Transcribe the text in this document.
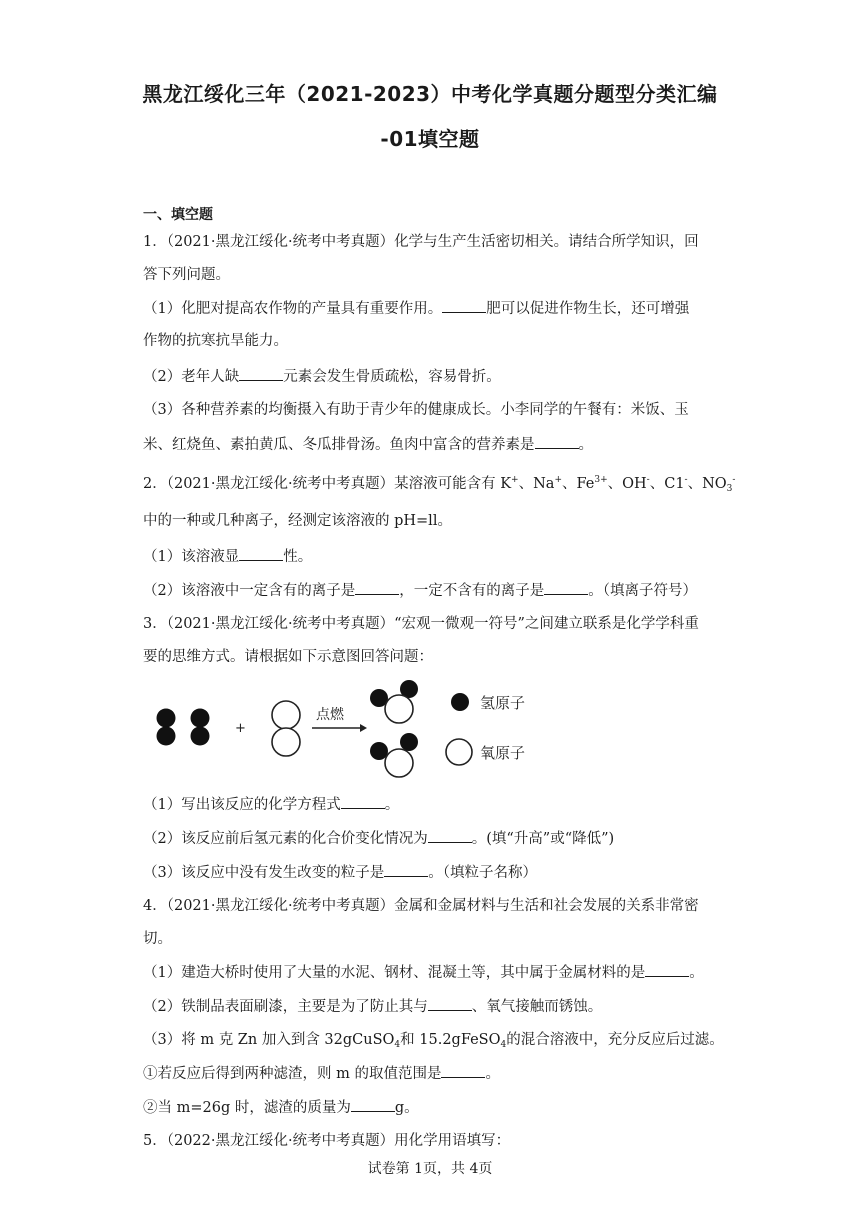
黑龙江绥化三年（2021-2023）中考化学真题分题型分类汇编
-01填空题
一、填空题
1．（2021·黑龙江绥化·统考中考真题）化学与生产生活密切相关。请结合所学知识，回
答下列问题。
（1）化肥对提高农作物的产量具有重要作用。	肥可以促进作物生长，还可增强
作物的抗寒抗旱能力。
（2）老年人缺	元素会发生骨质疏松，容易骨折。
（3）各种营养素的均衡摄入有助于青少年的健康成长。小李同学的午餐有：米饭、玉
米、红烧鱼、素拍黄瓜、冬瓜排骨汤。鱼肉中富含的营养素是	。
2．（2021·黑龙江绥化·统考中考真题）某溶液可能含有 K+、Na+、$Fe^{3+}$、OH-、C1-、$NO_3^-$
中的一种或几种离子，经测定该溶液的 pH=ll。
（1）该溶液显	性。
（2）该溶液中一定含有的离子是	，一定不含有的离子是	。（填离子符号）
3．（2021·黑龙江绥化·统考中考真题）“宏观一微观一符号”之间建立联系是化学学科重
要的思维方式。请根据如下示意图回答问题：
+
点燃
氢原子
氧原子
（1）写出该反应的化学方程式	。
（2）该反应前后氢元素的化合价变化情况为	。(填“升高”或“降低”)
（3）该反应中没有发生改变的粒子是	。（填粒子名称）
4．（2021·黑龙江绥化·统考中考真题）金属和金属材料与生活和社会发展的关系非常密
切。
（1）建造大桥时使用了大量的水泥、钢材、混凝土等，其中属于金属材料的是	。
（2）铁制品表面刷漆，主要是为了防止其与	、氧气接触而锈蚀。
（3）将 m 克 Zn 加入到含 32gCuSO$_4$和 15.2gFeSO$_4$的混合溶液中，充分反应后过滤。
①若反应后得到两种滤渣，则 m 的取值范围是	。
②当 m=26g 时，滤渣的质量为	g。
5．（2022·黑龙江绥化·统考中考真题）用化学用语填写：
试卷第 1页，共 4页
